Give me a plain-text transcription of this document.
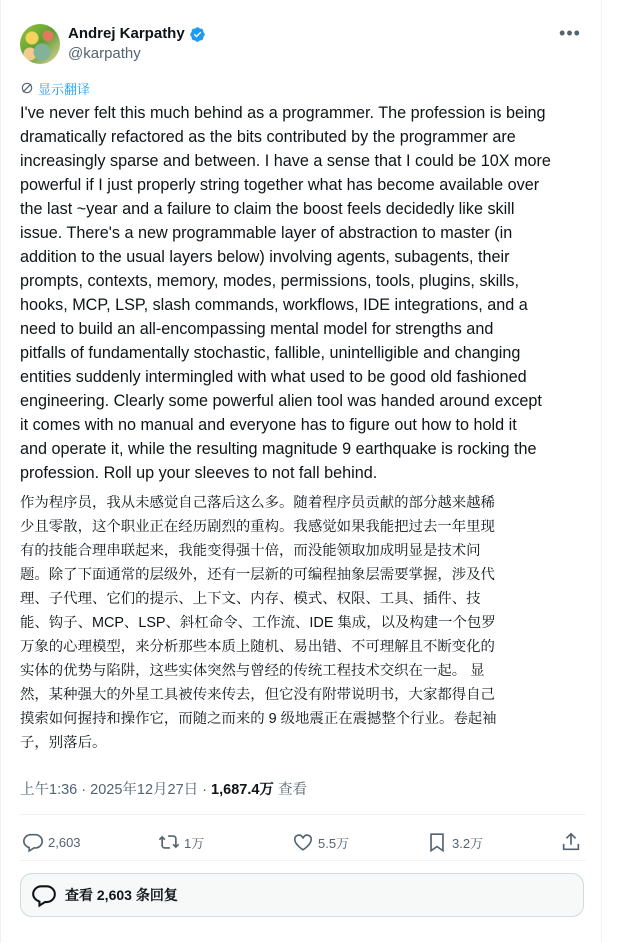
Andrej Karpathy
@karpathy
•••
显示翻译

I've never felt this much behind as a programmer. The profession is being
dramatically refactored as the bits contributed by the programmer are
increasingly sparse and between. I have a sense that I could be 10X more
powerful if I just properly string together what has become available over
the last ~year and a failure to claim the boost feels decidedly like skill
issue. There's a new programmable layer of abstraction to master (in
addition to the usual layers below) involving agents, subagents, their
prompts, contexts, memory, modes, permissions, tools, plugins, skills,
hooks, MCP, LSP, slash commands, workflows, IDE integrations, and a
need to build an all-encompassing mental model for strengths and
pitfalls of fundamentally stochastic, fallible, unintelligible and changing
entities suddenly intermingled with what used to be good old fashioned
engineering. Clearly some powerful alien tool was handed around except
it comes with no manual and everyone has to figure out how to hold it
and operate it, while the resulting magnitude 9 earthquake is rocking the
profession. Roll up your sleeves to not fall behind.

作为程序员，我从未感觉自己落后这么多。随着程序员贡献的部分越来越稀
少且零散，这个职业正在经历剧烈的重构。我感觉如果我能把过去一年里现
有的技能合理串联起来，我能变得强十倍，而没能领取加成明显是技术问
题。除了下面通常的层级外，还有一层新的可编程抽象层需要掌握，涉及代
理、子代理、它们的提示、上下文、内存、模式、权限、工具、插件、技
能、钩子、MCP、LSP、斜杠命令、工作流、IDE 集成，以及构建一个包罗
万象的心理模型，来分析那些本质上随机、易出错、不可理解且不断变化的
实体的优势与陷阱，这些实体突然与曾经的传统工程技术交织在一起。 显
然，某种强大的外星工具被传来传去，但它没有附带说明书，大家都得自己
摸索如何握持和操作它，而随之而来的 9 级地震正在震撼整个行业。卷起袖
子，别落后。

上午1:36 · 2025年12月27日 · 1,687.4万 查看
2,603	1万	5.5万	3.2万
查看 2,603 条回复
